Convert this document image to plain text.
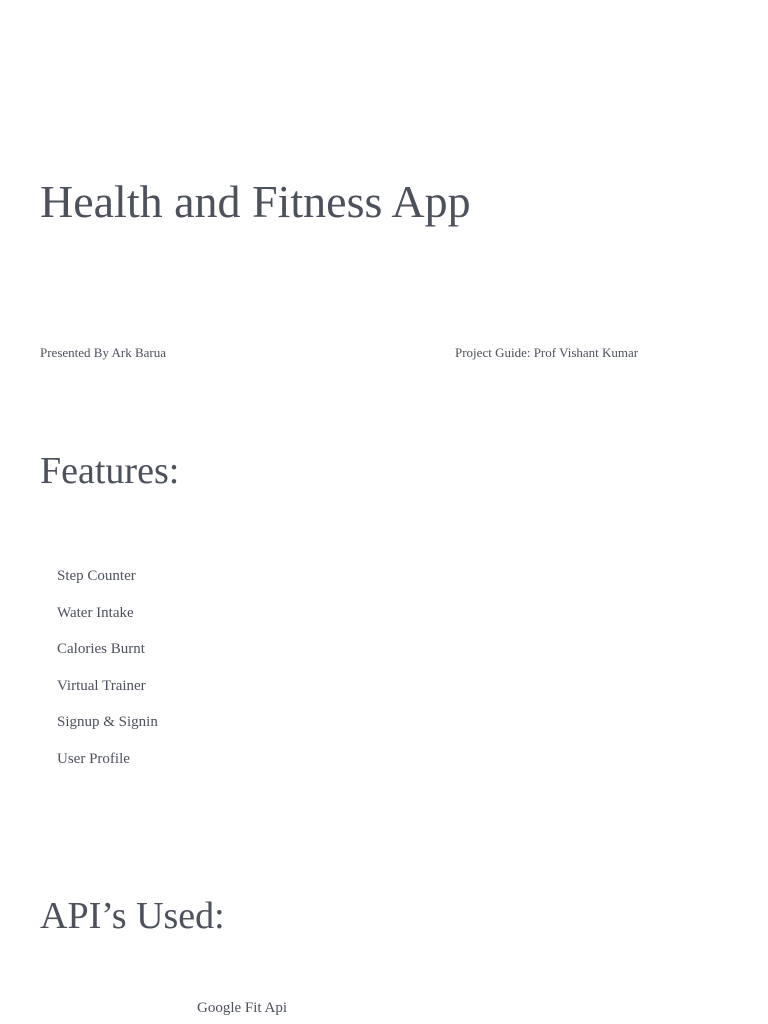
Health and Fitness App
Presented By Ark Barua	Project Guide: Prof Vishant Kumar
Features:
Step Counter
Water Intake
Calories Burnt
Virtual Trainer
Signup & Signin
User Profile
API’s Used:
Google Fit Api
